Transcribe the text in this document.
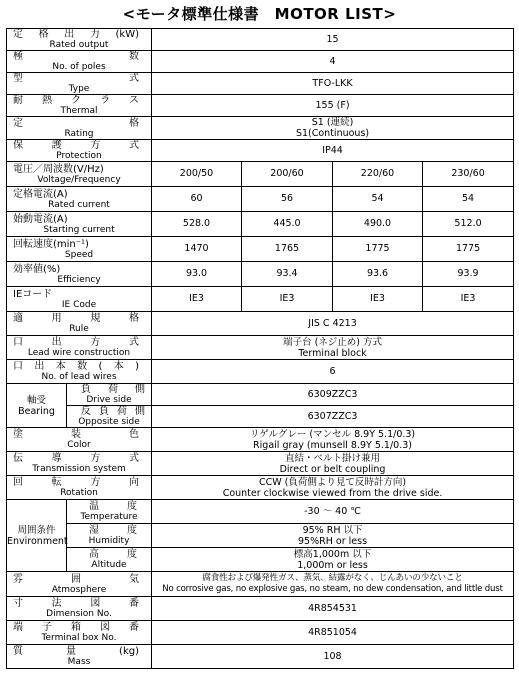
<モータ標準仕様書　MOTOR LIST>
定格出力(kW)
Rated output		15			

極　数
No. of poles		4			

型　式
Type		TFO-LKK			

耐熱クラス
Thermal		155 (F)			

定　格
Rating		S1 (連続)
S1(Continuous)			

保護方式
Protection		IP44			

電圧／周波数(V/Hz)
Voltage/Frequency		200/50	200/60	220/60	230/60

定格電流(A)
Rated current		60	56	54	54

始動電流(A)
Starting current		528.0	445.0	490.0	512.0

回転速度(min⁻¹)
Speed		1470	1765	1775	1775

効率値(%)
Efficiency		93.0	93.4	93.6	93.9

IEコード
IE Code		IE3	IE3	IE3	IE3

適用規格
Rule		JIS C 4213			

口出方式
Lead wire construction		端子台 (ネジ止め) 方式
Terminal block			

口出本数(本)
No. of lead wires		6			

軸受
Bearing	負荷側
Drive side	6309ZZC3			

	反負荷側
Opposite side	6307ZZC3			

塗装色
Color		リゲルグレー (マンセル 8.9Y 5.1/0.3)
Rigail gray (munsell 8.9Y 5.1/0.3)			

伝導方式
Transmission system		直結・ベルト掛け兼用
Direct or belt coupling			

回転方向
Rotation		CCW (負荷側より見て反時計方向)
Counter clockwise viewed from the drive side.			

周囲条件
Environment	温度
Temperature	-30 ～ 40 ℃			

	湿度
Humidity	95% RH 以下
95%RH or less			

	高度
Altitude	標高1,000m 以下
1,000m or less			

雰囲気
Atmosphere		腐食性および爆発性ガス、蒸気、結露がなく、じんあいの少ないこと
No corrosive gas, no explosive gas, no steam, no dew condensation, and little dust			

寸法図番
Dimension No.		4R854531			

端子箱図番
Terminal box No.		4R851054			

質量(kg)
Mass		108			
